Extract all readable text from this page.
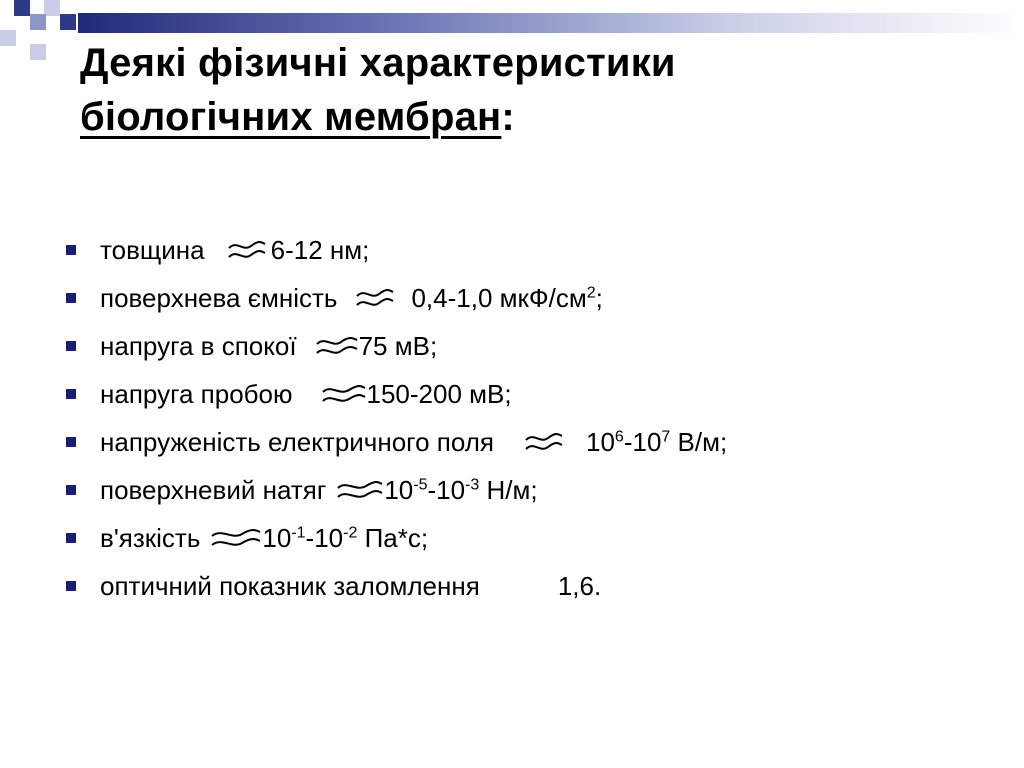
Деякі фізичні характеристики
біологічних мембран:
товщина	6-12 нм;
поверхнева ємність	0,4-1,0 мкФ/$см^2$;
напруга в спокої 75 мВ;
напруга пробою	150-200 мВ;
напруженість електричного поля	$10^6-10^7$ В/м;
поверхневий натяг $10^{-5}-10^{-3}$ Н/м;
в'язкість $10^{-1}-10^{-2}$ Па*с;
оптичний показник заломлення	1,6.
